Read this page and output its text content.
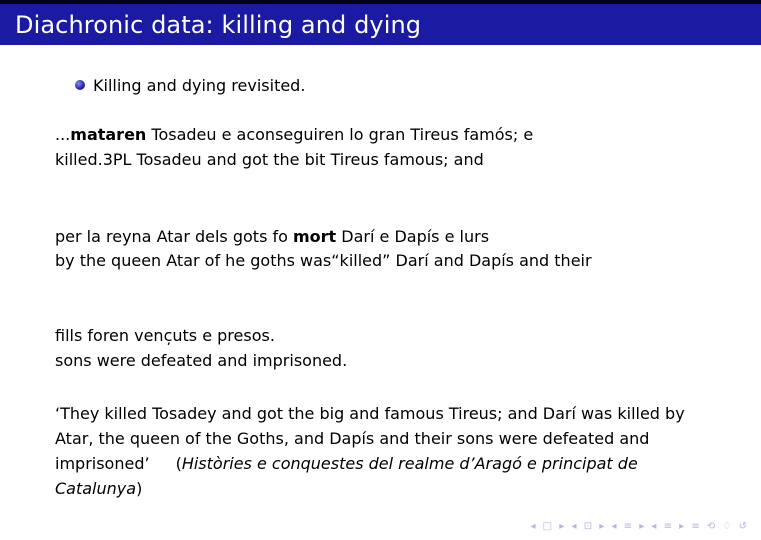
Diachronic data: killing and dying
Killing and dying revisited.
...mataren Tosadeu e aconseguiren lo gran Tireus famós; e
killed.3PL Tosadeu and got the bit Tireus famous; and
per la reyna Atar dels gots fo mort Darí e Dapís e lurs
by the queen Atar of he goths was“killed” Darí and Dapís and their
fills foren venc̦uts e presos.
sons were defeated and imprisoned.
‘They killed Tosadey and got the big and famous Tireus; and Darí was killed by Atar, the queen of the Goths, and Dapís and their sons were defeated and imprisoned’ (Històries e conquestes del realme d’Aragó e principat de Catalunya)
◂ □ ▸ ◂ ⊡ ▸ ◂ ≡ ▸ ◂ ≡ ▸ ≡ ⟲ ♢ ↺
